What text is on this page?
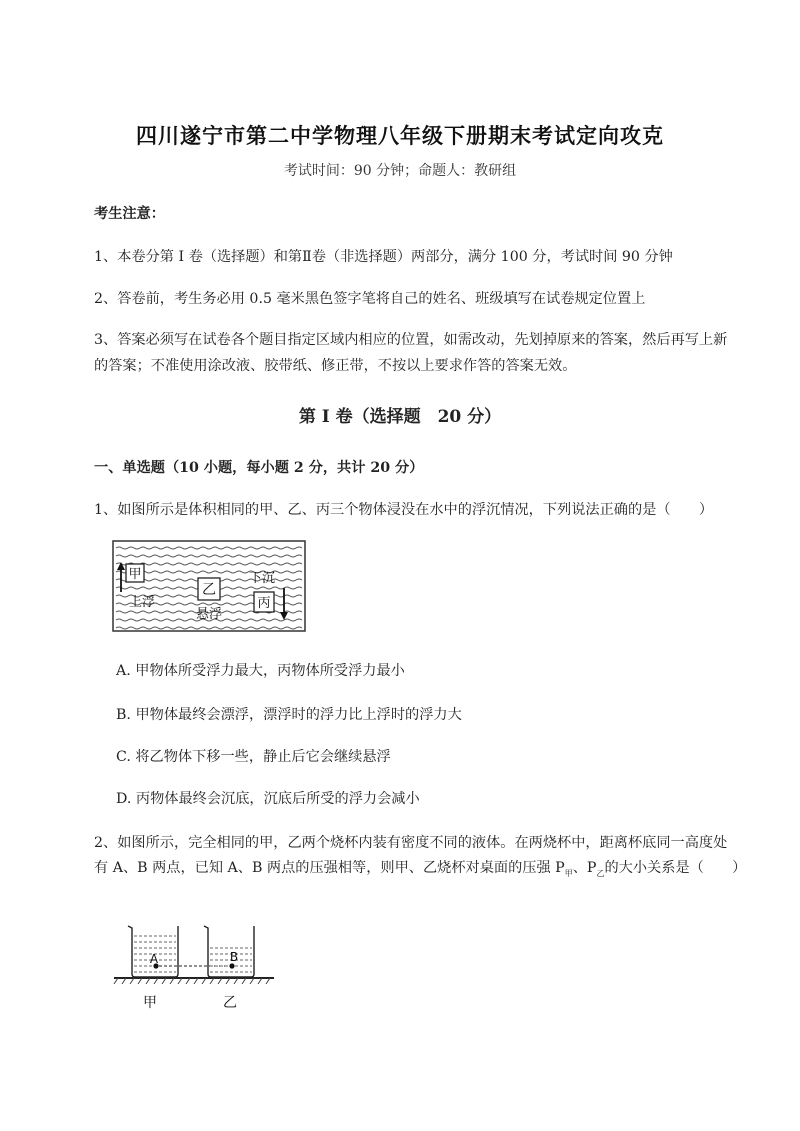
四川遂宁市第二中学物理八年级下册期末考试定向攻克
考试时间：90 分钟；命题人：教研组
考生注意：
1、本卷分第 I 卷（选择题）和第Ⅱ卷（非选择题）两部分，满分 100 分，考试时间 90 分钟
2、答卷前，考生务必用 0.5 毫米黑色签字笔将自己的姓名、班级填写在试卷规定位置上
3、答案必须写在试卷各个题目指定区域内相应的位置，如需改动，先划掉原来的答案，然后再写上新
的答案；不准使用涂改液、胶带纸、修正带，不按以上要求作答的答案无效。
第 I 卷（选择题　20 分）
一、单选题（10 小题，每小题 2 分，共计 20 分）
1、如图所示是体积相同的甲、乙、丙三个物体浸没在水中的浮沉情况，下列说法正确的是（　　）
甲
上浮
乙
悬浮
下沉
丙
A. 甲物体所受浮力最大，丙物体所受浮力最小
B. 甲物体最终会漂浮，漂浮时的浮力比上浮时的浮力大
C. 将乙物体下移一些，静止后它会继续悬浮
D. 丙物体最终会沉底，沉底后所受的浮力会减小
2、如图所示，完全相同的甲，乙两个烧杯内装有密度不同的液体。在两烧杯中，距离杯底同一高度处
有 A、B 两点，已知 A、B 两点的压强相等，则甲、乙烧杯对桌面的压强 $P_甲$、$P_乙$的大小关系是（　　）
A	B
甲	乙
